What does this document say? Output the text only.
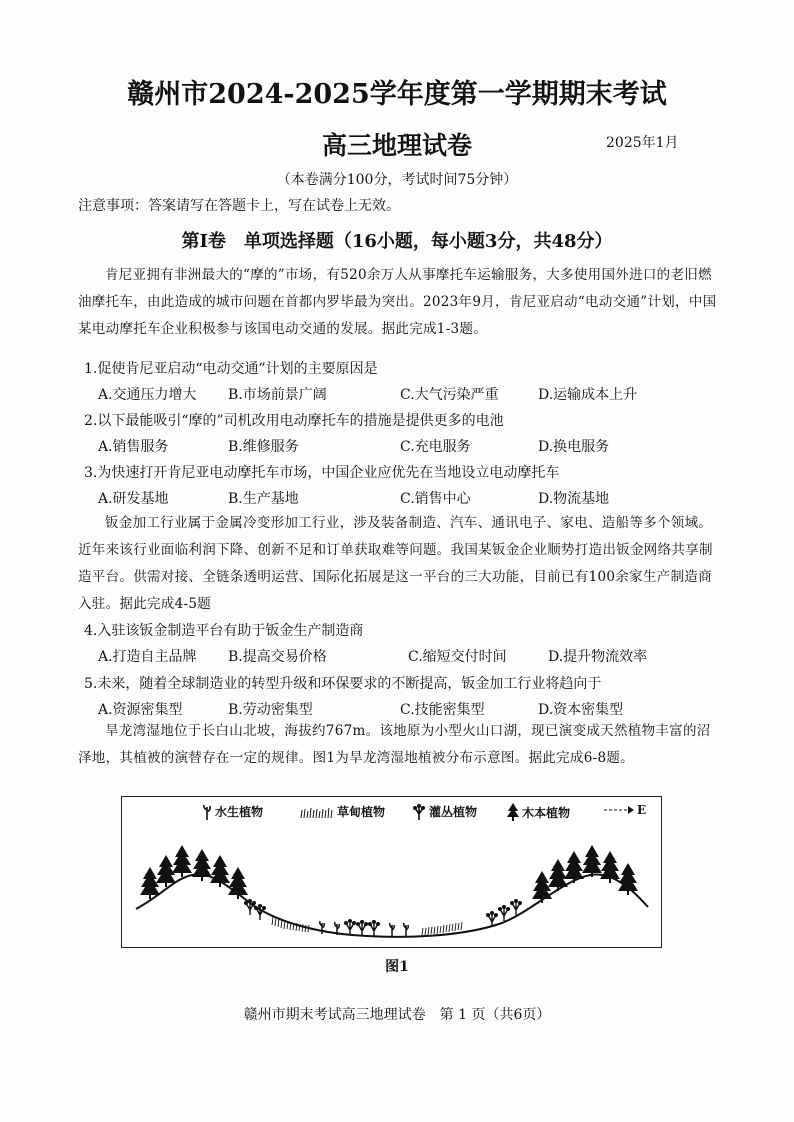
赣州市2024-2025学年度第一学期期末考试
高三地理试卷	2025年1月
（本卷满分100分，考试时间75分钟）
注意事项：答案请写在答题卡上，写在试卷上无效。
第Ⅰ卷　单项选择题（16小题，每小题3分，共48分）

肯尼亚拥有非洲最大的“摩的”市场，有520余万人从事摩托车运输服务，大多使用国外进口的老旧燃油摩托车，由此造成的城市问题在首都内罗毕最为突出。2023年9月，肯尼亚启动“电动交通”计划，中国某电动摩托车企业积极参与该国电动交通的发展。据此完成1-3题。

1.促使肯尼亚启动“电动交通”计划的主要原因是
A.交通压力增大 B.市场前景广阔	C.大气污染严重	D.运输成本上升
2.以下最能吸引“摩的”司机改用电动摩托车的措施是提供更多的电池
A.销售服务	B.维修服务	C.充电服务	D.换电服务
3.为快速打开肯尼亚电动摩托车市场，中国企业应优先在当地设立电动摩托车
A.研发基地	B.生产基地	C.销售中心	D.物流基地

钣金加工行业属于金属冷变形加工行业，涉及装备制造、汽车、通讯电子、家电、造船等多个领域。近年来该行业面临利润下降、创新不足和订单获取难等问题。我国某钣金企业顺势打造出钣金网络共享制造平台。供需对接、全链条透明运营、国际化拓展是这一平台的三大功能，目前已有100余家生产制造商入驻。据此完成4-5题

4.入驻该钣金制造平台有助于钣金生产制造商
A.打造自主品牌 B.提高交易价格	C.缩短交付时间	D.提升物流效率
5.未来，随着全球制造业的转型升级和环保要求的不断提高，钣金加工行业将趋向于
A.资源密集型	B.劳动密集型	C.技能密集型	D.资本密集型

旱龙湾湿地位于长白山北坡，海拔约767m。该地原为小型火山口湖，现已演变成天然植物丰富的沼泽地，其植被的演替存在一定的规律。图1为旱龙湾湿地植被分布示意图。据此完成6-8题。

水生植物	草甸植物	灌丛植物	木本植物	E
图1
赣州市期末考试高三地理试卷　第 1 页（共6页）
